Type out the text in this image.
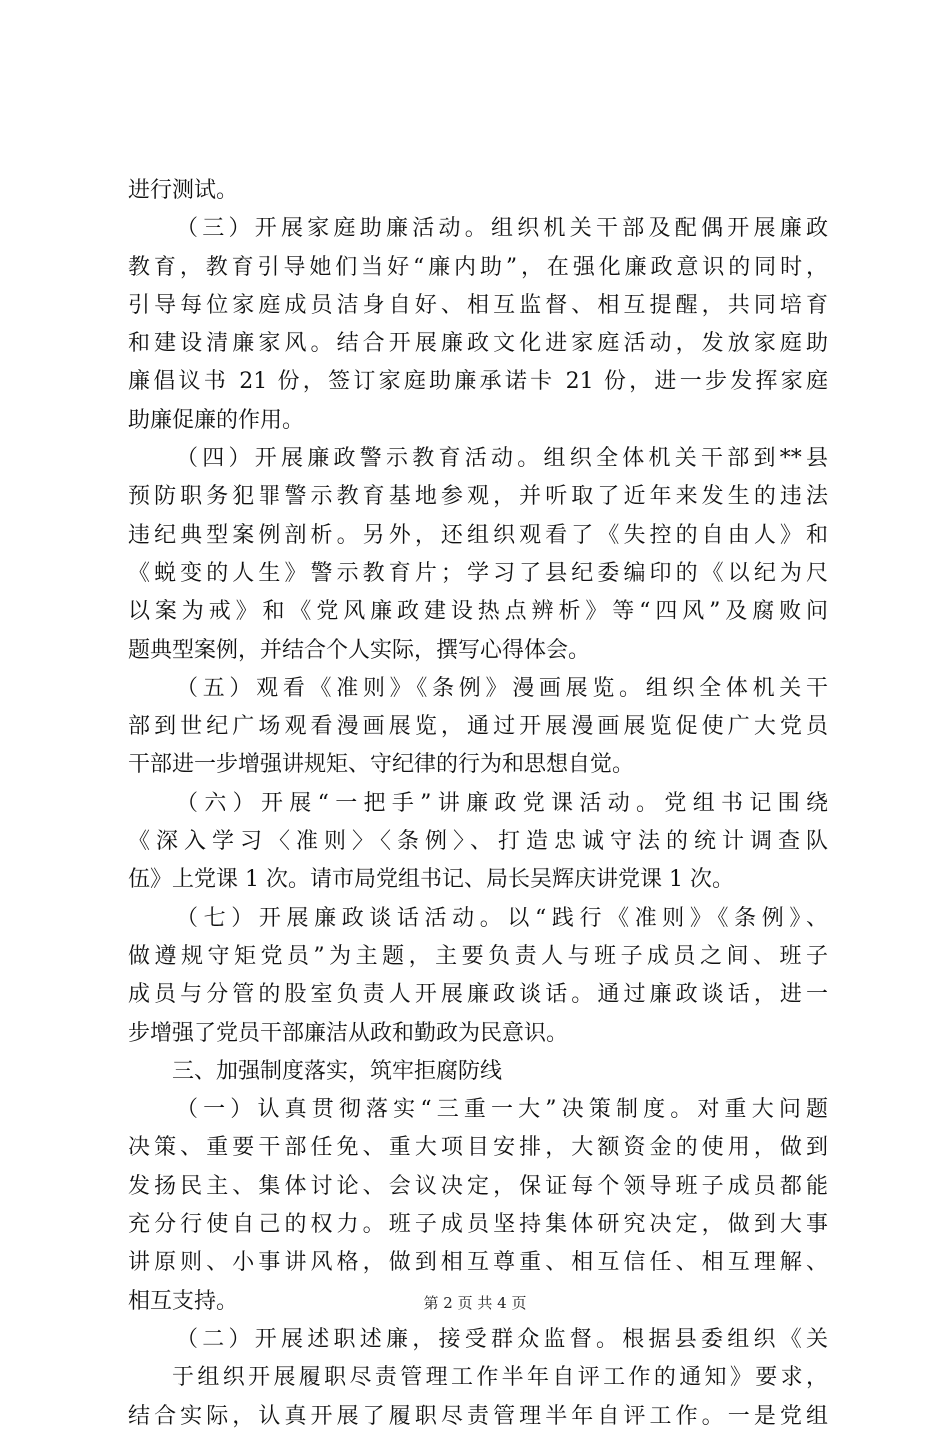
进行测试。
（三）开展家庭助廉活动。组织机关干部及配偶开展廉政
教育，教育引导她们当好“廉内助”，在强化廉政意识的同时，
引导每位家庭成员洁身自好、相互监督、相互提醒，共同培育
和建设清廉家风。结合开展廉政文化进家庭活动，发放家庭助
廉倡议书 21 份，签订家庭助廉承诺卡 21 份，进一步发挥家庭
助廉促廉的作用。
（四）开展廉政警示教育活动。组织全体机关干部到**县
预防职务犯罪警示教育基地参观，并听取了近年来发生的违法
违纪典型案例剖析。另外，还组织观看了《失控的自由人》和
《蜕变的人生》警示教育片；学习了县纪委编印的《以纪为尺
以案为戒》和《党风廉政建设热点辨析》等“四风”及腐败问
题典型案例，并结合个人实际，撰写心得体会。
（五）观看《准则》《条例》漫画展览。组织全体机关干
部到世纪广场观看漫画展览，通过开展漫画展览促使广大党员
干部进一步增强讲规矩、守纪律的行为和思想自觉。
（六）开展“一把手”讲廉政党课活动。党组书记围绕
《深入学习〈准则〉〈条例〉、打造忠诚守法的统计调查队
伍》上党课 1 次。请市局党组书记、局长吴辉庆讲党课 1 次。
（七）开展廉政谈话活动。以“践行《准则》《条例》、
做遵规守矩党员”为主题，主要负责人与班子成员之间、班子
成员与分管的股室负责人开展廉政谈话。通过廉政谈话，进一
步增强了党员干部廉洁从政和勤政为民意识。
三、加强制度落实，筑牢拒腐防线
（一）认真贯彻落实“三重一大”决策制度。对重大问题
决策、重要干部任免、重大项目安排，大额资金的使用，做到
发扬民主、集体讨论、会议决定，保证每个领导班子成员都能
充分行使自己的权力。班子成员坚持集体研究决定，做到大事
讲原则、小事讲风格，做到相互尊重、相互信任、相互理解、
相互支持。
（二）开展述职述廉，接受群众监督。根据县委组织《关
于组织开展履职尽责管理工作半年自评工作的通知》要求，
结合实际，认真开展了履职尽责管理半年自评工作。一是党组
第 2 页 共 4 页
